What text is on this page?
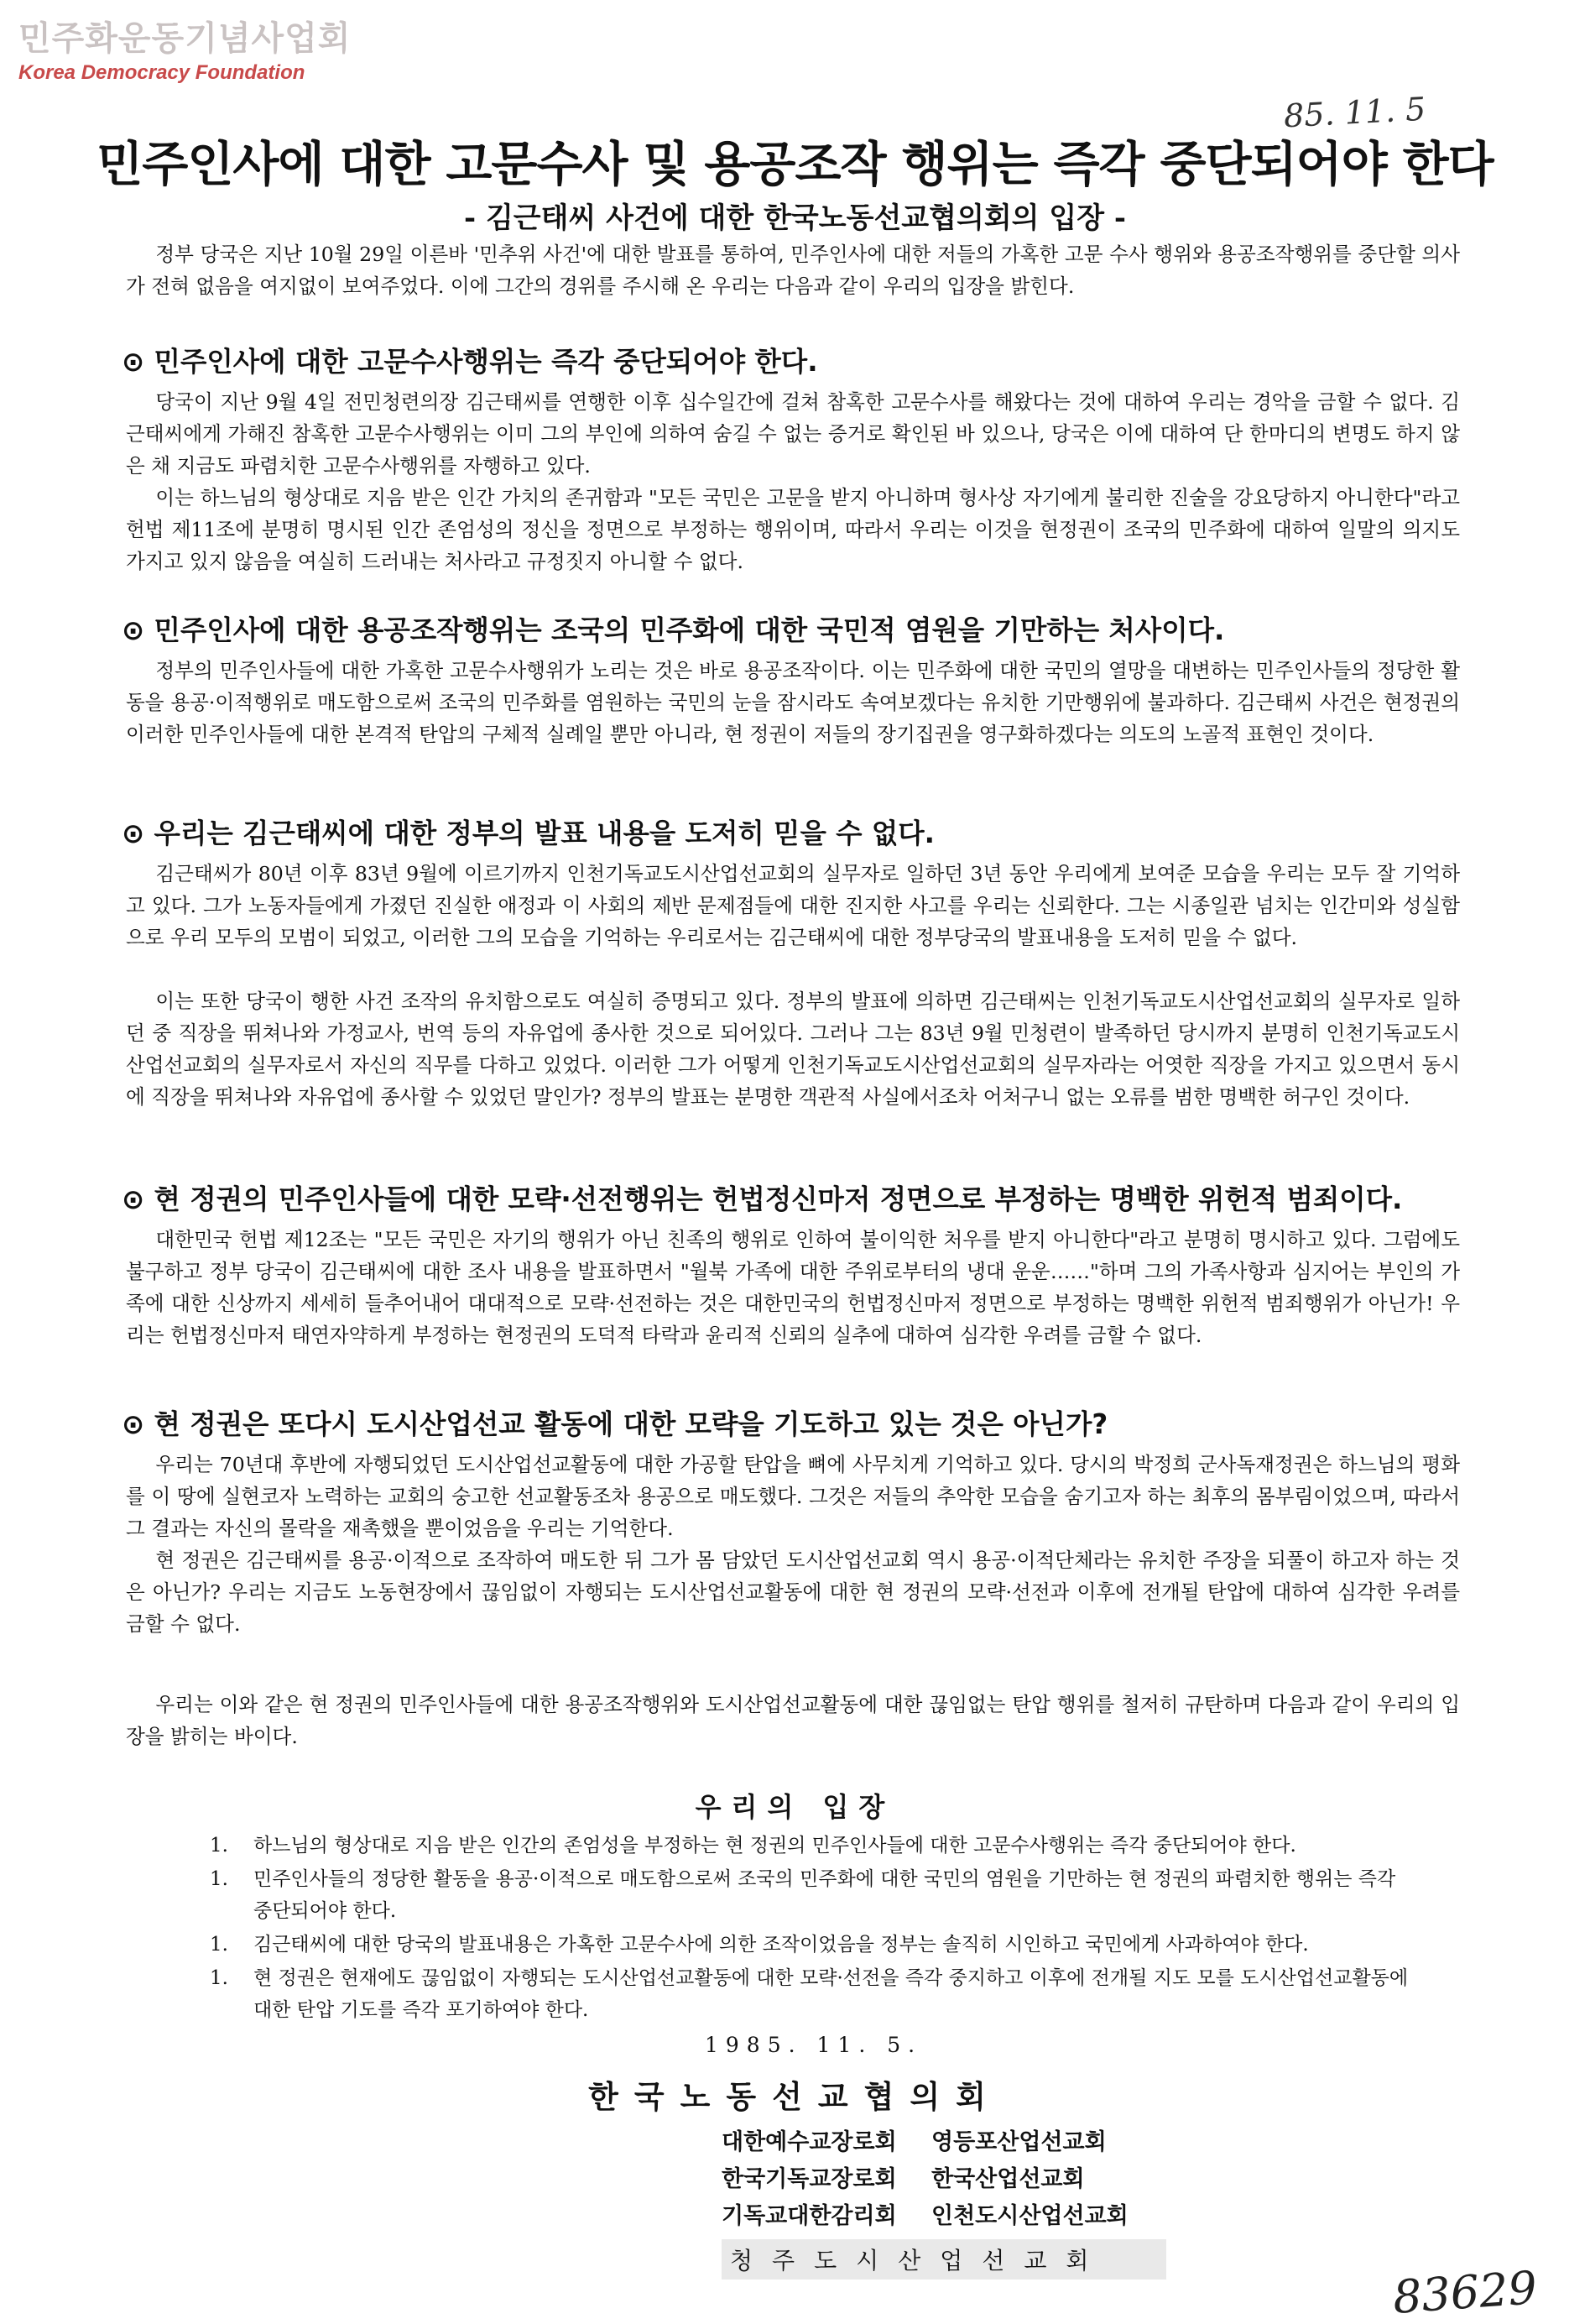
민주화운동기념사업회
Korea Democracy Foundation
85. 11. 5
민주인사에 대한 고문수사 및 용공조작 행위는 즉각 중단되어야 한다
- 김근태씨 사건에 대한 한국노동선교협의회의 입장 -

정부 당국은 지난 10월 29일 이른바 '민추위 사건'에 대한 발표를 통하여, 민주인사에 대한 저들의 가혹한 고문 수사 행위와 용공조작행위를 중단할 의사가 전혀 없음을 여지없이 보여주었다. 이에 그간의 경위를 주시해 온 우리는 다음과 같이 우리의 입장을 밝힌다.

⊙ 민주인사에 대한 고문수사행위는 즉각 중단되어야 한다.

당국이 지난 9월 4일 전민청련의장 김근태씨를 연행한 이후 십수일간에 걸쳐 참혹한 고문수사를 해왔다는 것에 대하여 우리는 경악을 금할 수 없다. 김근태씨에게 가해진 참혹한 고문수사행위는 이미 그의 부인에 의하여 숨길 수 없는 증거로 확인된 바 있으나, 당국은 이에 대하여 단 한마디의 변명도 하지 않은 채 지금도 파렴치한 고문수사행위를 자행하고 있다.

이는 하느님의 형상대로 지음 받은 인간 가치의 존귀함과 "모든 국민은 고문을 받지 아니하며 형사상 자기에게 불리한 진술을 강요당하지 아니한다"라고 헌법 제11조에 분명히 명시된 인간 존엄성의 정신을 정면으로 부정하는 행위이며, 따라서 우리는 이것을 현정권이 조국의 민주화에 대하여 일말의 의지도 가지고 있지 않음을 여실히 드러내는 처사라고 규정짓지 아니할 수 없다.

⊙ 민주인사에 대한 용공조작행위는 조국의 민주화에 대한 국민적 염원을 기만하는 처사이다.

정부의 민주인사들에 대한 가혹한 고문수사행위가 노리는 것은 바로 용공조작이다. 이는 민주화에 대한 국민의 열망을 대변하는 민주인사들의 정당한 활동을 용공·이적행위로 매도함으로써 조국의 민주화를 염원하는 국민의 눈을 잠시라도 속여보겠다는 유치한 기만행위에 불과하다. 김근태씨 사건은 현정권의 이러한 민주인사들에 대한 본격적 탄압의 구체적 실례일 뿐만 아니라, 현 정권이 저들의 장기집권을 영구화하겠다는 의도의 노골적 표현인 것이다.

⊙ 우리는 김근태씨에 대한 정부의 발표 내용을 도저히 믿을 수 없다.

김근태씨가 80년 이후 83년 9월에 이르기까지 인천기독교도시산업선교회의 실무자로 일하던 3년 동안 우리에게 보여준 모습을 우리는 모두 잘 기억하고 있다. 그가 노동자들에게 가졌던 진실한 애정과 이 사회의 제반 문제점들에 대한 진지한 사고를 우리는 신뢰한다. 그는 시종일관 넘치는 인간미와 성실함으로 우리 모두의 모범이 되었고, 이러한 그의 모습을 기억하는 우리로서는 김근태씨에 대한 정부당국의 발표내용을 도저히 믿을 수 없다.

이는 또한 당국이 행한 사건 조작의 유치함으로도 여실히 증명되고 있다. 정부의 발표에 의하면 김근태씨는 인천기독교도시산업선교회의 실무자로 일하던 중 직장을 뛰쳐나와 가정교사, 번역 등의 자유업에 종사한 것으로 되어있다. 그러나 그는 83년 9월 민청련이 발족하던 당시까지 분명히 인천기독교도시산업선교회의 실무자로서 자신의 직무를 다하고 있었다. 이러한 그가 어떻게 인천기독교도시산업선교회의 실무자라는 어엿한 직장을 가지고 있으면서 동시에 직장을 뛰쳐나와 자유업에 종사할 수 있었던 말인가? 정부의 발표는 분명한 객관적 사실에서조차 어처구니 없는 오류를 범한 명백한 허구인 것이다.

⊙ 현 정권의 민주인사들에 대한 모략·선전행위는 헌법정신마저 정면으로 부정하는 명백한 위헌적 범죄이다.

대한민국 헌법 제12조는 "모든 국민은 자기의 행위가 아닌 친족의 행위로 인하여 불이익한 처우를 받지 아니한다"라고 분명히 명시하고 있다. 그럼에도 불구하고 정부 당국이 김근태씨에 대한 조사 내용을 발표하면서 "월북 가족에 대한 주위로부터의 냉대 운운……"하며 그의 가족사항과 심지어는 부인의 가족에 대한 신상까지 세세히 들추어내어 대대적으로 모략·선전하는 것은 대한민국의 헌법정신마저 정면으로 부정하는 명백한 위헌적 범죄행위가 아닌가! 우리는 헌법정신마저 태연자약하게 부정하는 현정권의 도덕적 타락과 윤리적 신뢰의 실추에 대하여 심각한 우려를 금할 수 없다.

⊙ 현 정권은 또다시 도시산업선교 활동에 대한 모략을 기도하고 있는 것은 아닌가?

우리는 70년대 후반에 자행되었던 도시산업선교활동에 대한 가공할 탄압을 뼈에 사무치게 기억하고 있다. 당시의 박정희 군사독재정권은 하느님의 평화를 이 땅에 실현코자 노력하는 교회의 숭고한 선교활동조차 용공으로 매도했다. 그것은 저들의 추악한 모습을 숨기고자 하는 최후의 몸부림이었으며, 따라서 그 결과는 자신의 몰락을 재촉했을 뿐이었음을 우리는 기억한다.

현 정권은 김근태씨를 용공·이적으로 조작하여 매도한 뒤 그가 몸 담았던 도시산업선교회 역시 용공·이적단체라는 유치한 주장을 되풀이 하고자 하는 것은 아닌가? 우리는 지금도 노동현장에서 끊임없이 자행되는 도시산업선교활동에 대한 현 정권의 모략·선전과 이후에 전개될 탄압에 대하여 심각한 우려를 금할 수 없다.

우리는 이와 같은 현 정권의 민주인사들에 대한 용공조작행위와 도시산업선교활동에 대한 끊임없는 탄압 행위를 철저히 규탄하며 다음과 같이 우리의 입장을 밝히는 바이다.

우리의 입장
1. 하느님의 형상대로 지음 받은 인간의 존엄성을 부정하는 현 정권의 민주인사들에 대한 고문수사행위는 즉각 중단되어야 한다.
1. 민주인사들의 정당한 활동을 용공·이적으로 매도함으로써 조국의 민주화에 대한 국민의 염원을 기만하는 현 정권의 파렴치한 행위는 즉각 중단되어야 한다.
1. 김근태씨에 대한 당국의 발표내용은 가혹한 고문수사에 의한 조작이었음을 정부는 솔직히 시인하고 국민에게 사과하여야 한다.
1. 현 정권은 현재에도 끊임없이 자행되는 도시산업선교활동에 대한 모략·선전을 즉각 중지하고 이후에 전개될 지도 모를 도시산업선교활동에 대한 탄압 기도를 즉각 포기하여야 한다.
1985. 11. 5.
한국노동선교협의회
대한예수교장로회 영등포산업선교회
한국기독교장로회 한국산업선교회
기독교대한감리회 인천도시산업선교회
청주도시산업선교회
83629
